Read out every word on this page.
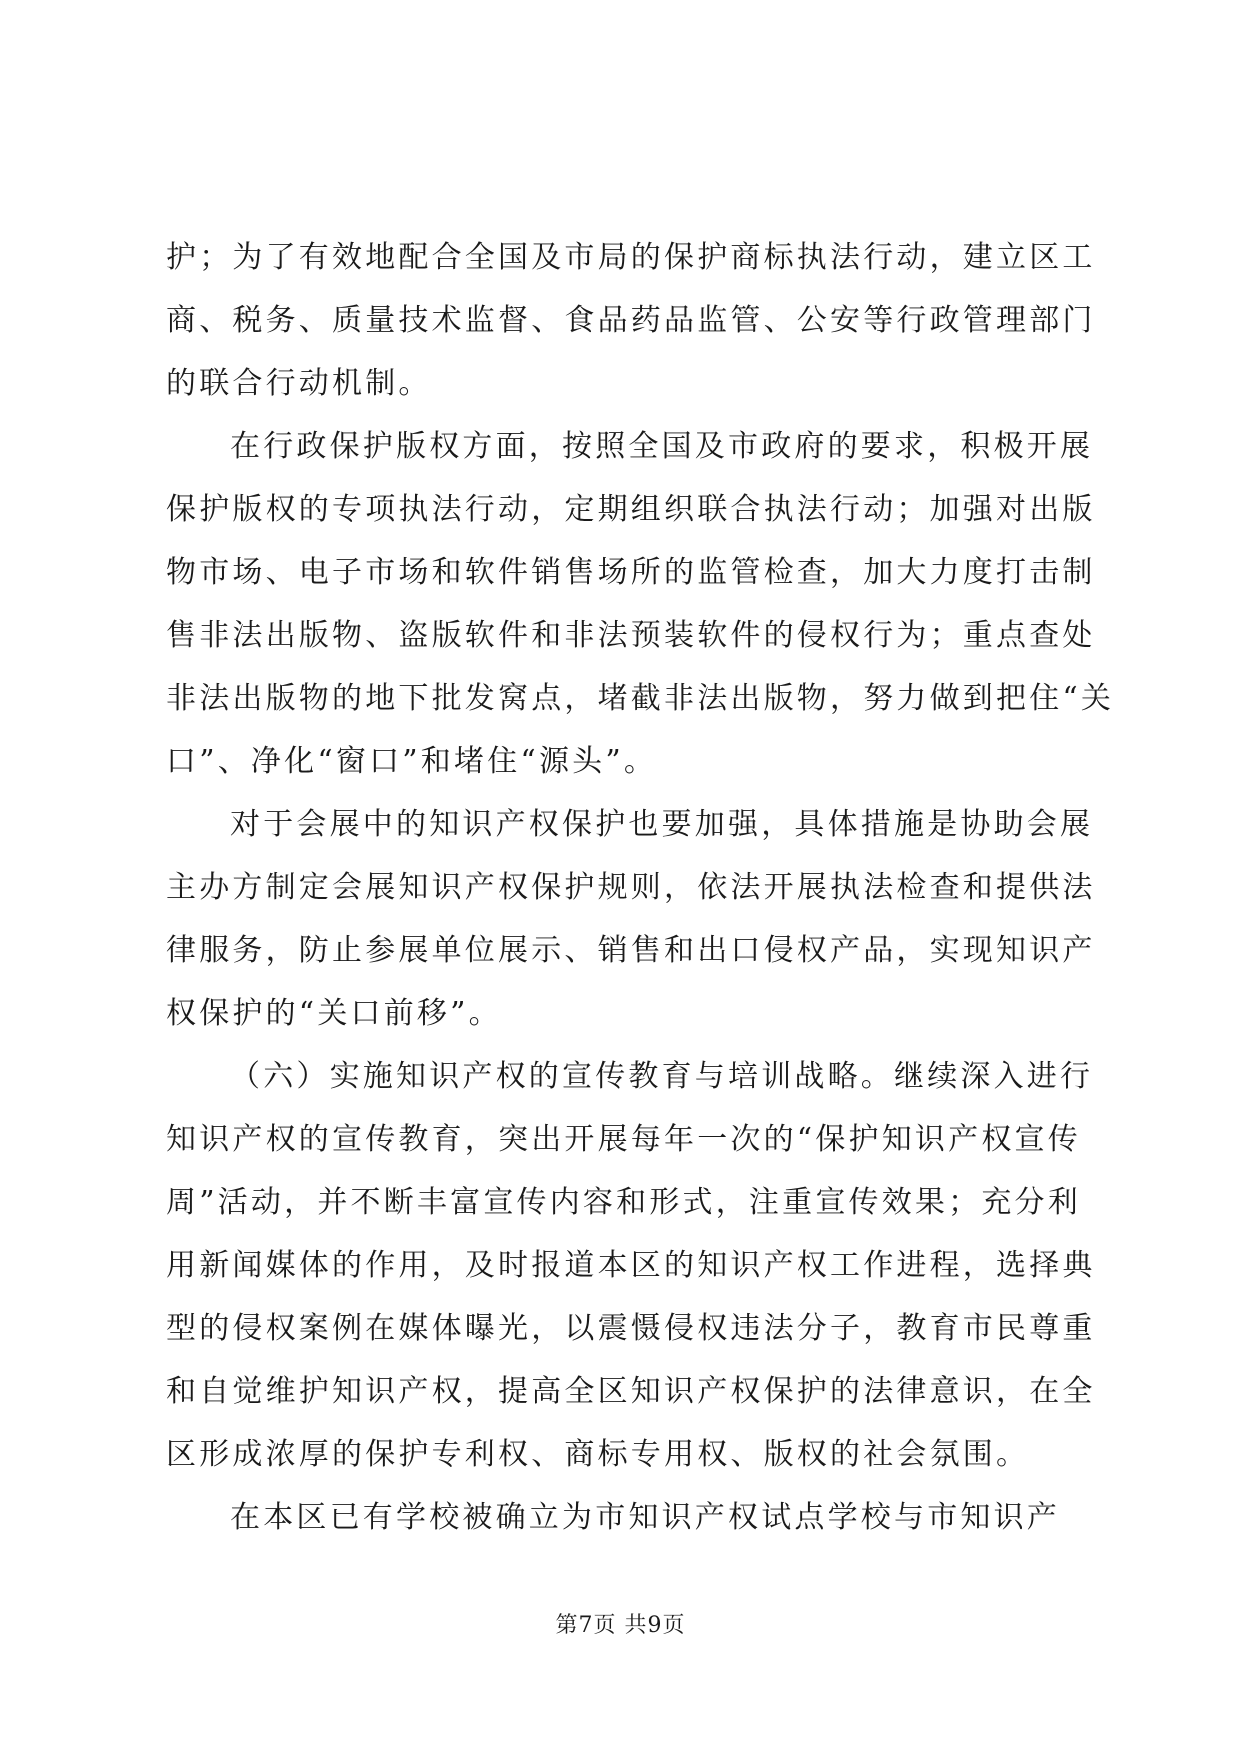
护；为了有效地配合全国及市局的保护商标执法行动，建立区工
商、税务、质量技术监督、食品药品监管、公安等行政管理部门
的联合行动机制。

在行政保护版权方面，按照全国及市政府的要求，积极开展
保护版权的专项执法行动，定期组织联合执法行动；加强对出版
物市场、电子市场和软件销售场所的监管检查，加大力度打击制
售非法出版物、盗版软件和非法预装软件的侵权行为；重点查处
非法出版物的地下批发窝点，堵截非法出版物，努力做到把住“关
口”、净化“窗口”和堵住“源头”。

对于会展中的知识产权保护也要加强，具体措施是协助会展
主办方制定会展知识产权保护规则，依法开展执法检查和提供法
律服务，防止参展单位展示、销售和出口侵权产品，实现知识产
权保护的“关口前移”。

（六）实施知识产权的宣传教育与培训战略。继续深入进行
知识产权的宣传教育，突出开展每年一次的“保护知识产权宣传
周”活动，并不断丰富宣传内容和形式，注重宣传效果；充分利
用新闻媒体的作用，及时报道本区的知识产权工作进程，选择典
型的侵权案例在媒体曝光，以震慑侵权违法分子，教育市民尊重
和自觉维护知识产权，提高全区知识产权保护的法律意识，在全
区形成浓厚的保护专利权、商标专用权、版权的社会氛围。

在本区已有学校被确立为市知识产权试点学校与市知识产

第7页 共9页
